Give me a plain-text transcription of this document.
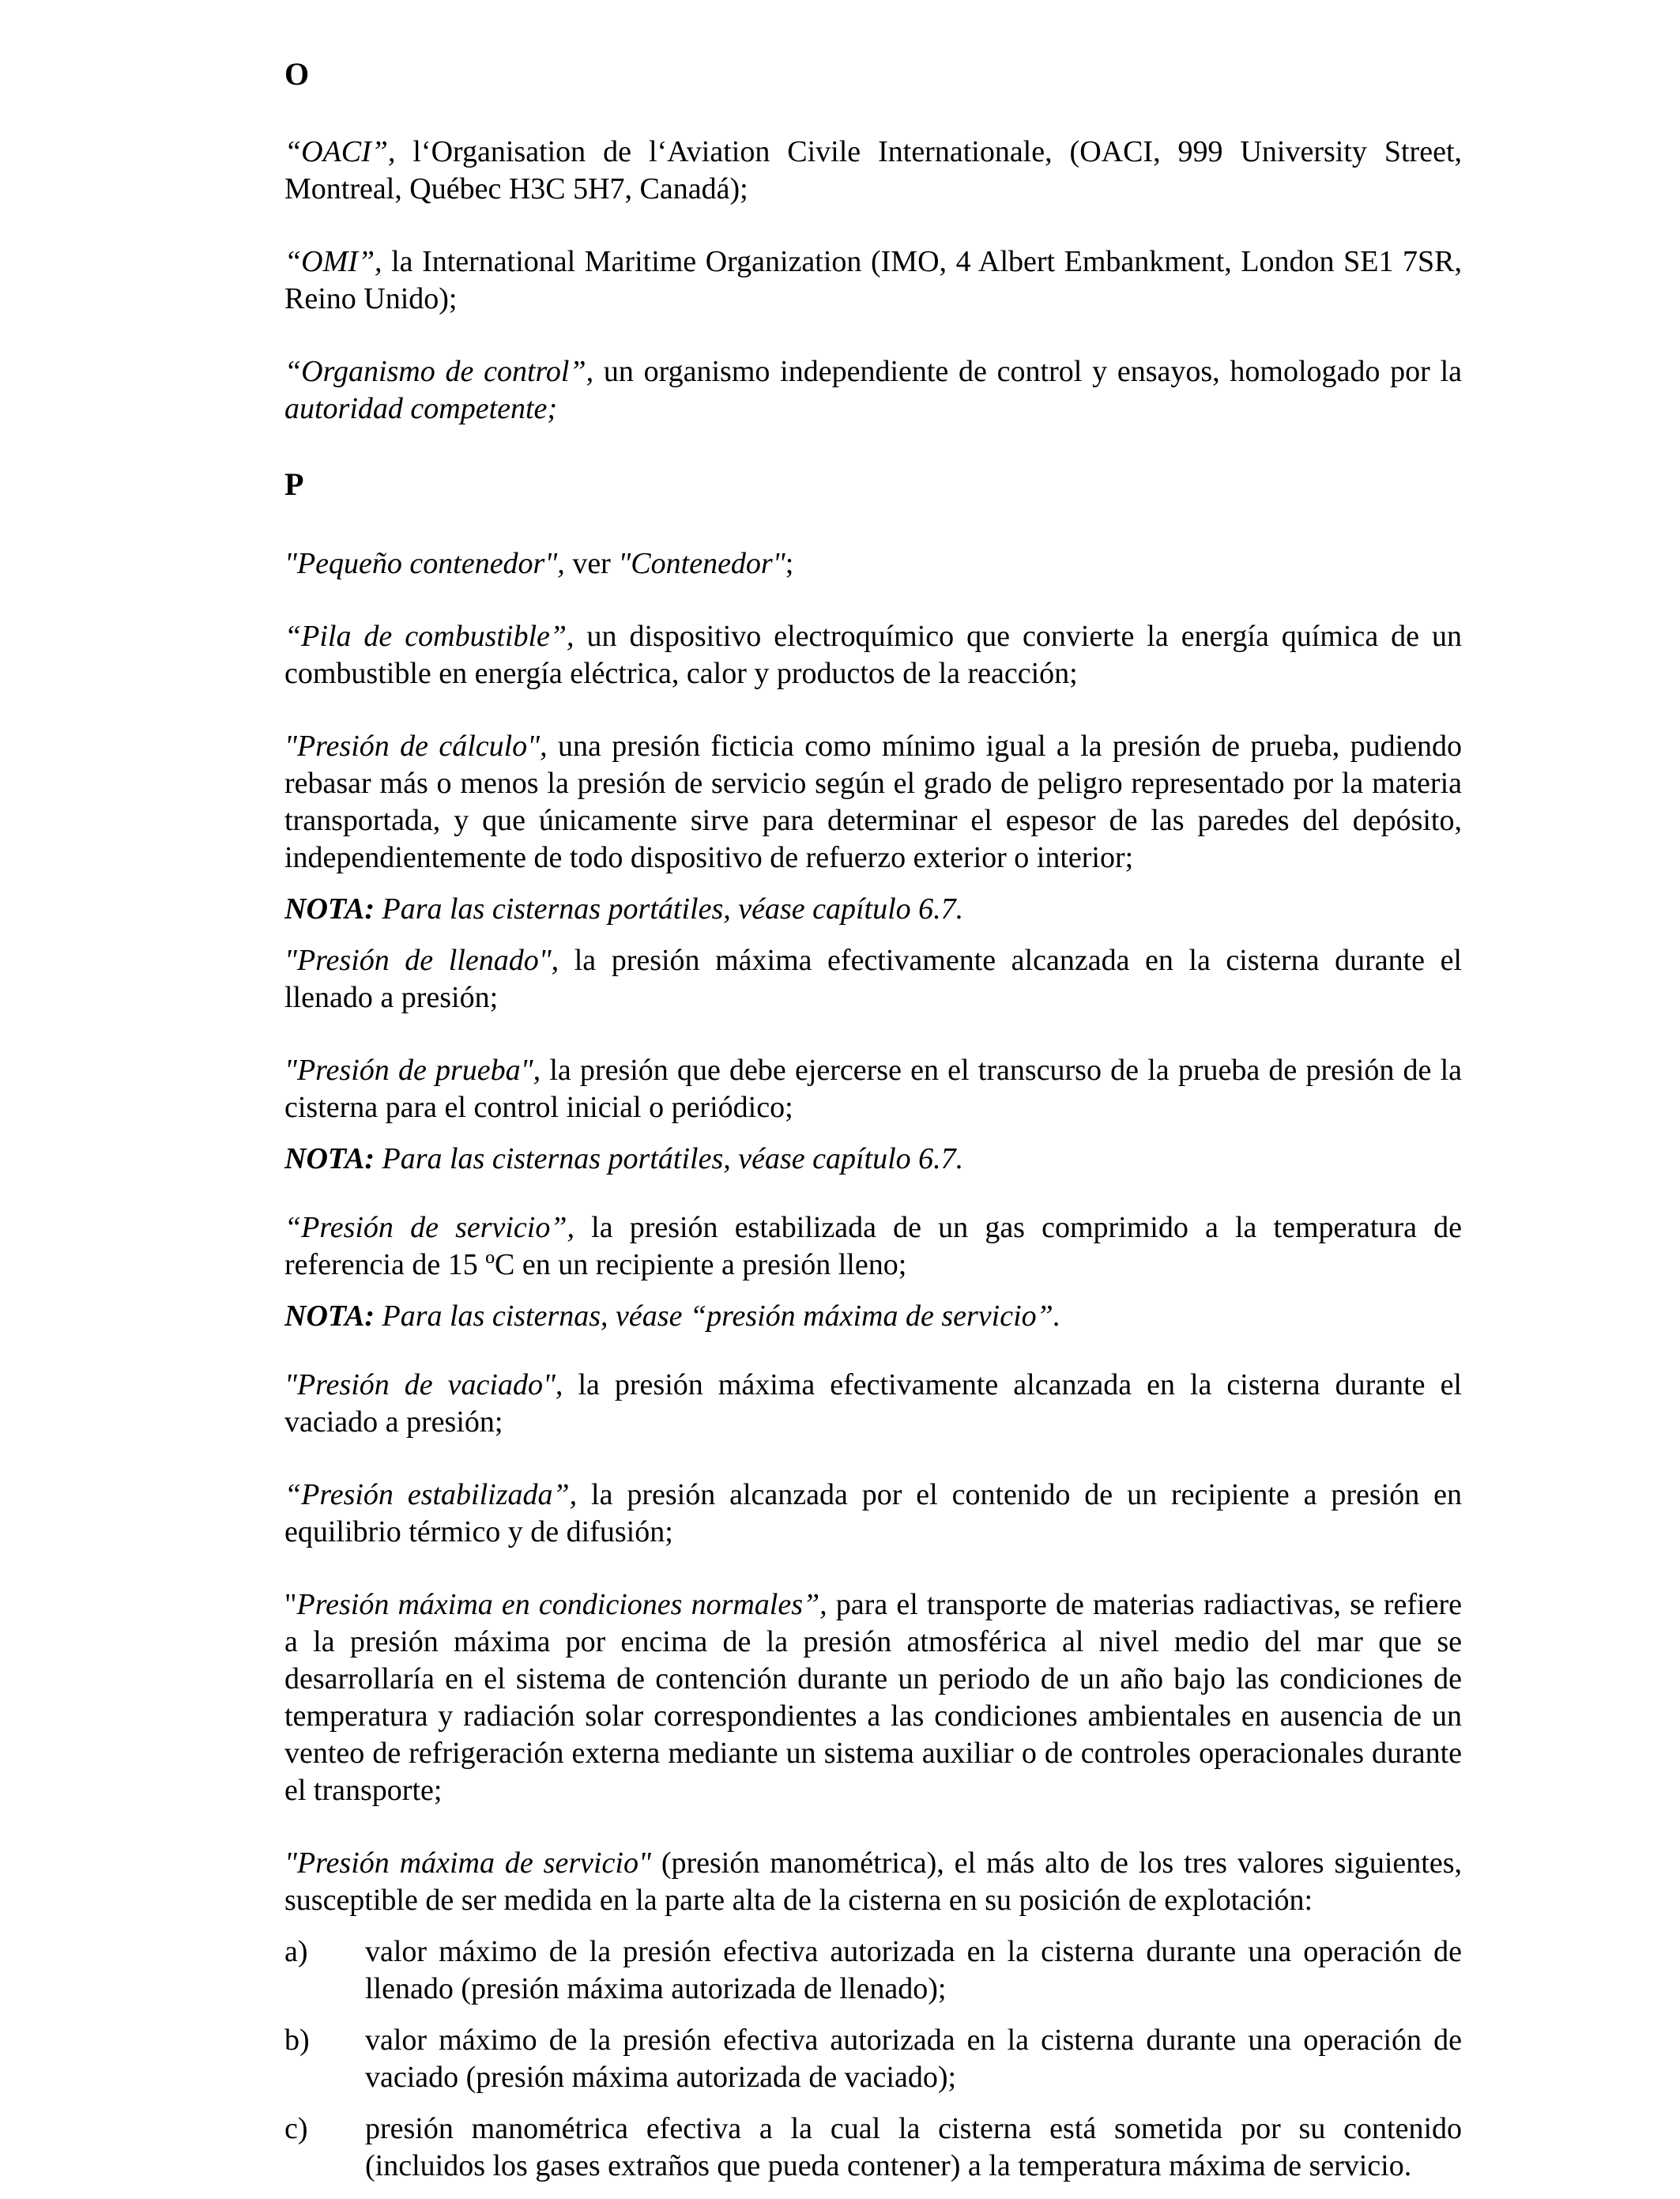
O

“OACI”, l‘Organisation de l‘Aviation Civile Internationale, (OACI, 999 University Street, Montreal, Québec H3C 5H7, Canadá);

“OMI”, la International Maritime Organization (IMO, 4 Albert Embankment, London SE1 7SR, Reino Unido);

“Organismo de control”, un organismo independiente de control y ensayos, homologado por la autoridad competente;

P

"Pequeño contenedor", ver "Contenedor";

“Pila de combustible”, un dispositivo electroquímico que convierte la energía química de un combustible en energía eléctrica, calor y productos de la reacción;

"Presión de cálculo", una presión ficticia como mínimo igual a la presión de prueba, pudiendo rebasar más o menos la presión de servicio según el grado de peligro representado por la materia transportada, y que únicamente sirve para determinar el espesor de las paredes del depósito, independientemente de todo dispositivo de refuerzo exterior o interior;

NOTA: Para las cisternas portátiles, véase capítulo 6.7.

"Presión de llenado", la presión máxima efectivamente alcanzada en la cisterna durante el llenado a presión;

"Presión de prueba", la presión que debe ejercerse en el transcurso de la prueba de presión de la cisterna para el control inicial o periódico;

NOTA: Para las cisternas portátiles, véase capítulo 6.7.

“Presión de servicio”, la presión estabilizada de un gas comprimido a la temperatura de referencia de 15 ºC en un recipiente a presión lleno;

NOTA: Para las cisternas, véase “presión máxima de servicio”.

"Presión de vaciado", la presión máxima efectivamente alcanzada en la cisterna durante el vaciado a presión;

“Presión estabilizada”, la presión alcanzada por el contenido de un recipiente a presión en equilibrio térmico y de difusión;

"Presión máxima en condiciones normales”, para el transporte de materias radiactivas, se refiere a la presión máxima por encima de la presión atmosférica al nivel medio del mar que se desarrollaría en el sistema de contención durante un periodo de un año bajo las condiciones de temperatura y radiación solar correspondientes a las condiciones ambientales en ausencia de un venteo de refrigeración externa mediante un sistema auxiliar o de controles operacionales durante el transporte;

"Presión máxima de servicio" (presión manométrica), el más alto de los tres valores siguientes, susceptible de ser medida en la parte alta de la cisterna en su posición de explotación:

a)	valor máximo de la presión efectiva autorizada en la cisterna durante una operación de llenado (presión máxima autorizada de llenado);
b)	valor máximo de la presión efectiva autorizada en la cisterna durante una operación de vaciado (presión máxima autorizada de vaciado);
c)	presión manométrica efectiva a la cual la cisterna está sometida por su contenido (incluidos los gases extraños que pueda contener) a la temperatura máxima de servicio.
